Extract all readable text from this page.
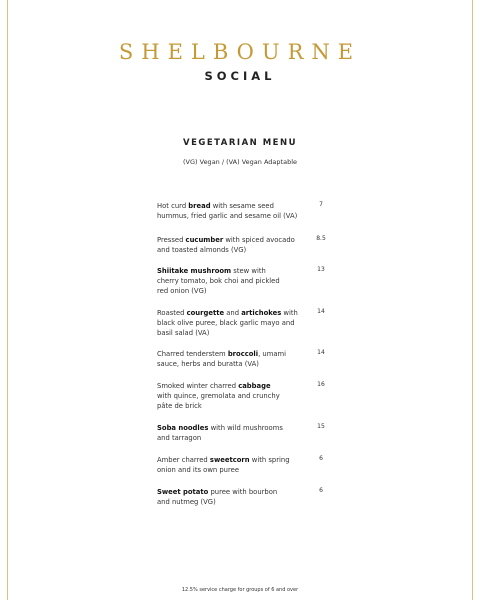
SHELBOURNE
SOCIAL
VEGETARIAN MENU
(VG) Vegan / (VA) Vegan Adaptable
Hot curd bread with sesame seed
hummus, fried garlic and sesame oil (VA)
7
Pressed cucumber with spiced avocado
and toasted almonds (VG)
8.5
Shiitake mushroom stew with
cherry tomato, bok choi and pickled
red onion (VG)
13
Roasted courgette and artichokes with
black olive puree, black garlic mayo and
basil salad (VA)
14
Charred tenderstem broccoli, umami
sauce, herbs and buratta (VA)
14
Smoked winter charred cabbage
with quince, gremolata and crunchy
pâte de brick
16
Soba noodles with wild mushrooms
and tarragon
15
Amber charred sweetcorn with spring
onion and its own puree
6
Sweet potato puree with bourbon
and nutmeg (VG)
6
12.5% service charge for groups of 6 and over
